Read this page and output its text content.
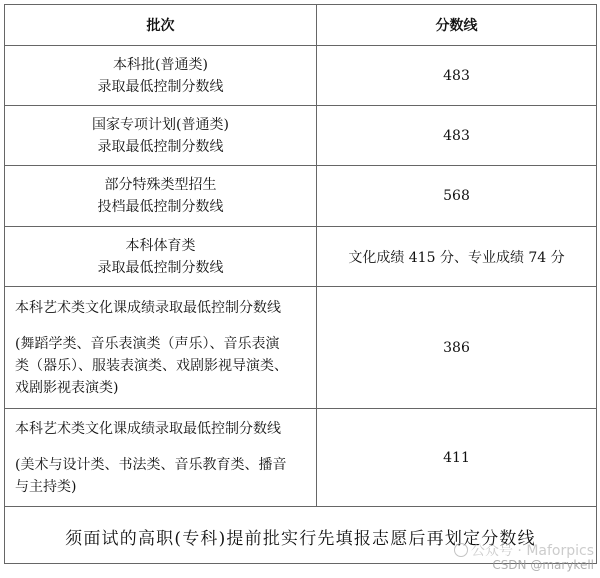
批次	分数线

本科批(普通类)
录取最低控制分数线	483

国家专项计划(普通类)
录取最低控制分数线	483

部分特殊类型招生
投档最低控制分数线	568

本科体育类
录取最低控制分数线	文化成绩 415 分、专业成绩 74 分

本科艺术类文化课成绩录取最低控制分数线
(舞蹈学类、音乐表演类（声乐）、音乐表演
类（器乐）、服装表演类、戏剧影视导演类、
戏剧影视表演类)	386

本科艺术类文化课成绩录取最低控制分数线
(美术与设计类、书法类、音乐教育类、播音
与主持类)	411
须面试的高职(专科)提前批实行先填报志愿后再划定分数线	
公众号 · Maforpics
CSDN @marykell
